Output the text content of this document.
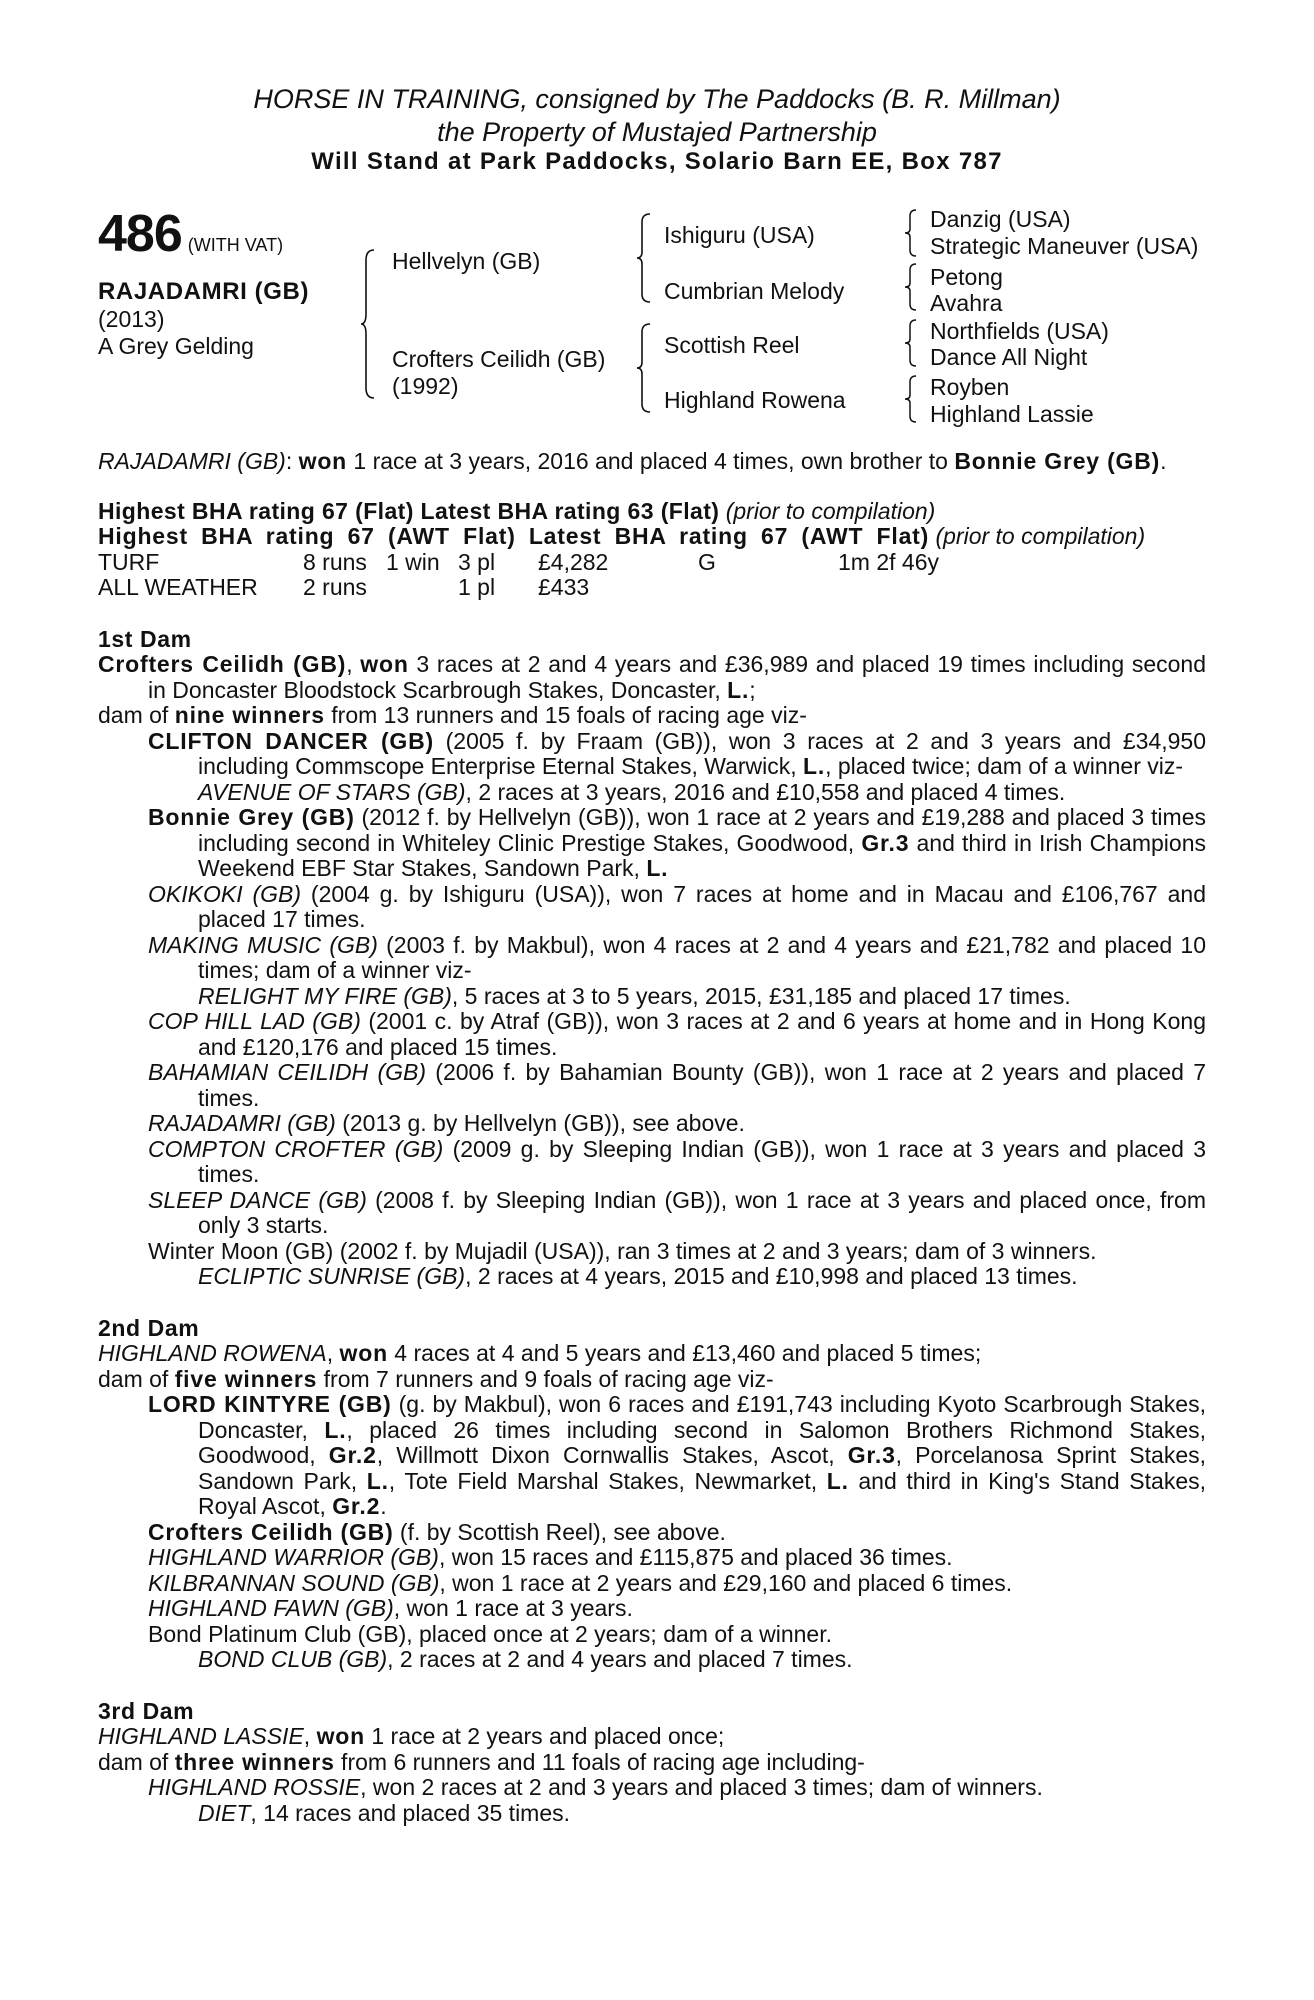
HORSE IN TRAINING, consigned by The Paddocks (B. R. Millman)
the Property of Mustajed Partnership
Will Stand at Park Paddocks, Solario Barn EE, Box 787
486 (WITH VAT)
RAJADAMRI (GB)
(2013)
A Grey Gelding
Hellvelyn (GB)
Crofters Ceilidh (GB)
(1992)
Ishiguru (USA)
Cumbrian Melody
Scottish Reel
Highland Rowena
Danzig (USA)
Strategic Maneuver (USA)
Petong
Avahra
Northfields (USA)
Dance All Night
Royben
Highland Lassie

RAJADAMRI (GB): won 1 race at 3 years, 2016 and placed 4 times, own brother to Bonnie Grey (GB).

Highest BHA rating 67 (Flat) Latest BHA rating 63 (Flat) (prior to compilation)

Highest BHA rating 67 (AWT Flat) Latest BHA rating 67 (AWT Flat) (prior to compilation)

TURF	8 runs	1 win	3 pl	£4,282	G	1m 2f 46y
ALL WEATHER	2 runs		1 pl	£433		

1st Dam

Crofters Ceilidh (GB), won 3 races at 2 and 4 years and £36,989 and placed 19 times including second in Doncaster Bloodstock Scarbrough Stakes, Doncaster, L.;

dam of nine winners from 13 runners and 15 foals of racing age viz-

CLIFTON DANCER (GB) (2005 f. by Fraam (GB)), won 3 races at 2 and 3 years and £34,950 including Commscope Enterprise Eternal Stakes, Warwick, L., placed twice; dam of a winner viz-

AVENUE OF STARS (GB), 2 races at 3 years, 2016 and £10,558 and placed 4 times.

Bonnie Grey (GB) (2012 f. by Hellvelyn (GB)), won 1 race at 2 years and £19,288 and placed 3 times including second in Whiteley Clinic Prestige Stakes, Goodwood, Gr.3 and third in Irish Champions Weekend EBF Star Stakes, Sandown Park, L.

OKIKOKI (GB) (2004 g. by Ishiguru (USA)), won 7 races at home and in Macau and £106,767 and placed 17 times.

MAKING MUSIC (GB) (2003 f. by Makbul), won 4 races at 2 and 4 years and £21,782 and placed 10 times; dam of a winner viz-

RELIGHT MY FIRE (GB), 5 races at 3 to 5 years, 2015, £31,185 and placed 17 times.

COP HILL LAD (GB) (2001 c. by Atraf (GB)), won 3 races at 2 and 6 years at home and in Hong Kong and £120,176 and placed 15 times.

BAHAMIAN CEILIDH (GB) (2006 f. by Bahamian Bounty (GB)), won 1 race at 2 years and placed 7 times.

RAJADAMRI (GB) (2013 g. by Hellvelyn (GB)), see above.

COMPTON CROFTER (GB) (2009 g. by Sleeping Indian (GB)), won 1 race at 3 years and placed 3 times.

SLEEP DANCE (GB) (2008 f. by Sleeping Indian (GB)), won 1 race at 3 years and placed once, from only 3 starts.

Winter Moon (GB) (2002 f. by Mujadil (USA)), ran 3 times at 2 and 3 years; dam of 3 winners.

ECLIPTIC SUNRISE (GB), 2 races at 4 years, 2015 and £10,998 and placed 13 times.

2nd Dam

HIGHLAND ROWENA, won 4 races at 4 and 5 years and £13,460 and placed 5 times;

dam of five winners from 7 runners and 9 foals of racing age viz-

LORD KINTYRE (GB) (g. by Makbul), won 6 races and £191,743 including Kyoto Scarbrough Stakes, Doncaster, L., placed 26 times including second in Salomon Brothers Richmond Stakes, Goodwood, Gr.2, Willmott Dixon Cornwallis Stakes, Ascot, Gr.3, Porcelanosa Sprint Stakes, Sandown Park, L., Tote Field Marshal Stakes, Newmarket, L. and third in King's Stand Stakes, Royal Ascot, Gr.2.

Crofters Ceilidh (GB) (f. by Scottish Reel), see above.

HIGHLAND WARRIOR (GB), won 15 races and £115,875 and placed 36 times.

KILBRANNAN SOUND (GB), won 1 race at 2 years and £29,160 and placed 6 times.

HIGHLAND FAWN (GB), won 1 race at 3 years.

Bond Platinum Club (GB), placed once at 2 years; dam of a winner.

BOND CLUB (GB), 2 races at 2 and 4 years and placed 7 times.

3rd Dam

HIGHLAND LASSIE, won 1 race at 2 years and placed once;

dam of three winners from 6 runners and 11 foals of racing age including-

HIGHLAND ROSSIE, won 2 races at 2 and 3 years and placed 3 times; dam of winners.

DIET, 14 races and placed 35 times.
